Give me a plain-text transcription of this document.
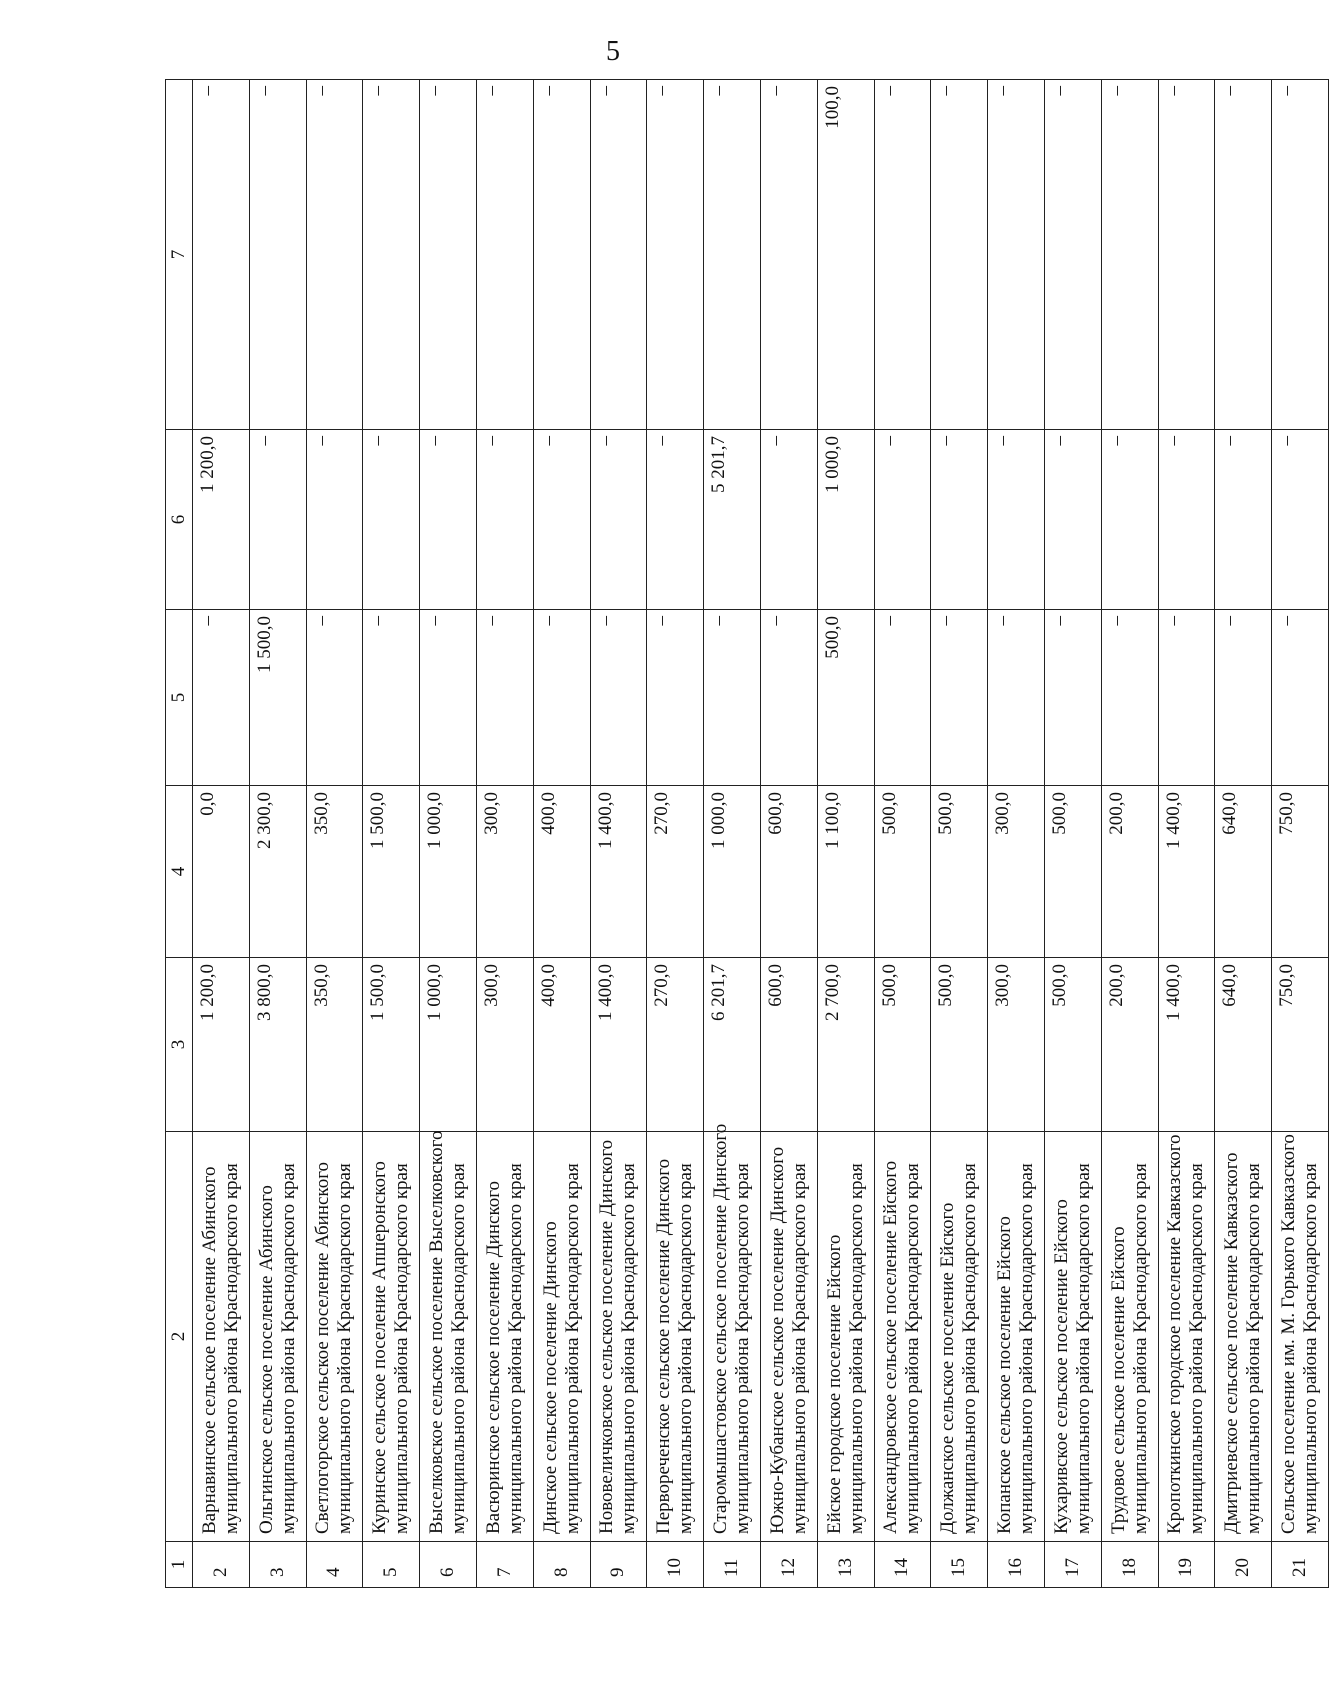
5
1	2	3	4	5	6	7
2	Варнавинское сельское поселение Абинского муниципального района Краснодарского края	1 200,0	0,0	–	1 200,0	–
3	Ольгинское сельское поселение Абинского муниципального района Краснодарского края	3 800,0	2 300,0	1 500,0	–	–
4	Светлогорское сельское поселение Абинского муниципального района Краснодарского края	350,0	350,0	–	–	–
5	Куринское сельское поселение Апшеронского муниципального района Краснодарского края	1 500,0	1 500,0	–	–	–
6	Выселковское сельское поселение Выселковского муниципального района Краснодарского края	1 000,0	1 000,0	–	–	–
7	Васюринское сельское поселение Динского муниципального района Краснодарского края	300,0	300,0	–	–	–
8	Динское сельское поселение Динского муниципального района Краснодарского края	400,0	400,0	–	–	–
9	Нововеличковское сельское поселение Динского муниципального района Краснодарского края	1 400,0	1 400,0	–	–	–
10	Первореченское сельское поселение Динского муниципального района Краснодарского края	270,0	270,0	–	–	–
11	Старомышастовское сельское поселение Динского муниципального района Краснодарского края	6 201,7	1 000,0	–	5 201,7	–
12	Южно-Кубанское сельское поселение Динского муниципального района Краснодарского края	600,0	600,0	–	–	–
13	Ейское городское поселение Ейского муниципального района Краснодарского края	2 700,0	1 100,0	500,0	1 000,0	100,0
14	Александровское сельское поселение Ейского муниципального района Краснодарского края	500,0	500,0	–	–	–
15	Должанское сельское поселение Ейского муниципального района Краснодарского края	500,0	500,0	–	–	–
16	Копанское сельское поселение Ейского муниципального района Краснодарского края	300,0	300,0	–	–	–
17	Кухаривское сельское поселение Ейского муниципального района Краснодарского края	500,0	500,0	–	–	–
18	Трудовое сельское поселение Ейского муниципального района Краснодарского края	200,0	200,0	–	–	–
19	Кропоткинское городское поселение Кавказского муниципального района Краснодарского края	1 400,0	1 400,0	–	–	–
20	Дмитриевское сельское поселение Кавказского муниципального района Краснодарского края	640,0	640,0	–	–	–
21	Сельское поселение им. М. Горького Кавказского муниципального района Краснодарского края	750,0	750,0	–	–	–
